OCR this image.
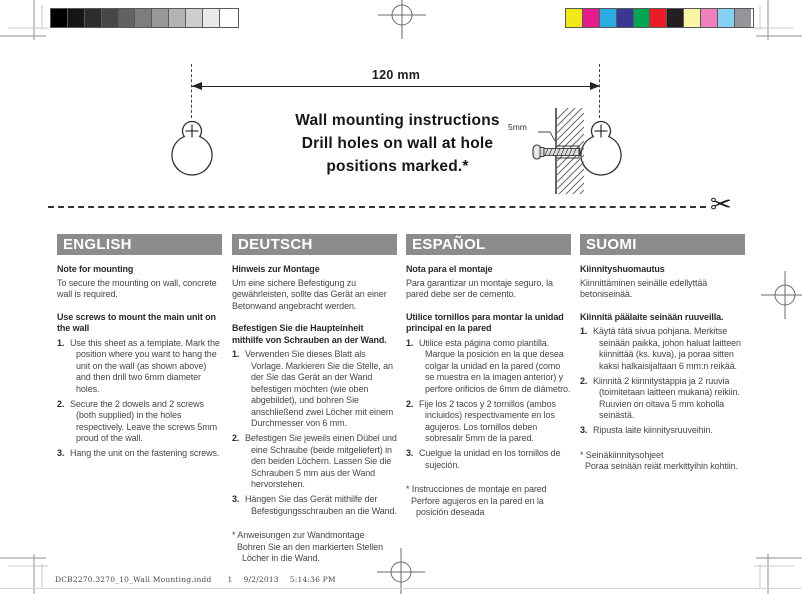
120 mm
Wall mounting instructions
Drill holes on wall at hole
positions marked.*
5mm
✂
ENGLISH
Note for mounting
To secure the mounting on wall, concrete wall is required.
Use screws to mount the main unit on the wall
1. Use this sheet as a template. Mark the position where you want to hang the unit on the wall (as shown above) and then drill two 6mm diameter holes.
2. Secure the 2 dowels and 2 screws (both supplied) in the holes respectively. Leave the screws 5mm proud of the wall.
3. Hang the unit on the fastening screws.
DEUTSCH
Hinweis zur Montage
Um eine sichere Befestigung zu gewährleisten, sollte das Gerät an einer Betonwand angebracht werden.
Befestigen Sie die Haupteinheit mithilfe von Schrauben an der Wand.
1. Verwenden Sie dieses Blatt als Vorlage. Markieren Sie die Stelle, an der Sie das Gerät an der Wand befestigen möchten (wie oben abgebildet), und bohren Sie anschließend zwei Löcher mit einem Durchmesser von 6 mm.
2. Befestigen Sie jeweils einen Dübel und eine Schraube (beide mitgeliefert) in den beiden Löchern. Lassen Sie die Schrauben 5 mm aus der Wand hervorstehen.
3. Hängen Sie das Gerät mithilfe der Befestigungsschrauben an die Wand.
* Anweisungen zur Wandmontage
Bohren Sie an den markierten Stellen Löcher in die Wand.
ESPAÑOL
Nota para el montaje
Para garantizar un montaje seguro, la pared debe ser de cemento.
Utilice tornillos para montar la unidad principal en la pared
1. Utilice esta página como plantilla. Marque la posición en la que desea colgar la unidad en la pared (como se muestra en la imagen anterior) y perfore orificios de 6mm de diámetro.
2. Fije los 2 tacos y 2 tornillos (ambos incluidos) respectivamente en los agujeros. Los tornillos deben sobresalir 5mm de la pared.
3. Cuelgue la unidad en los tornillos de sujeción.
* Instrucciones de montaje en pared
Perfore agujeros en la pared en la posición deseada
SUOMI
Kiinnityshuomautus
Kiinnittäminen seinälle edellyttää betoniseinää.
Kiinnitä päälaite seinään ruuveilla.
1. Käytä tätä sivua pohjana. Merkitse seinään paikka, johon haluat laitteen kiinnittää (ks. kuva), ja poraa sitten kaksi halkaisijaltaan 6 mm:n reikää.
2. Kiinnitä 2 kiinnitystappia ja 2 ruuvia (toimitetaan laitteen mukana) reikiin. Ruuvien on oltava 5 mm koholla seinästä.
3. Ripusta laite kiinnitysruuveihin.
* Seinäkiinnitysohjeet
Poraa seinään reiät merkittyihin kohtiin.
DCB2270.3270_10_Wall Mounting.indd 1 9/2/2013 5:14:36 PM
